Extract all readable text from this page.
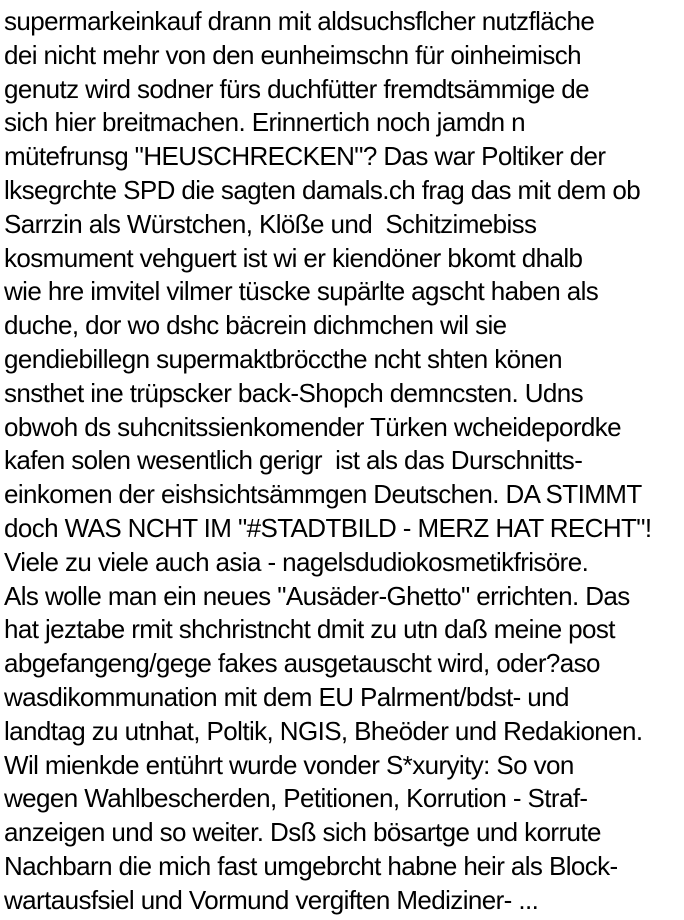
supermarkeinkauf drann mit aldsuchsflcher nutzfläche
dei nicht mehr von den eunheimschn für oinheimisch
genutz wird sodner fürs duchfütter fremdtsämmige de
sich hier breitmachen. Erinnertich noch jamdn n
mütefrunsg "HEUSCHRECKEN"? Das war Poltiker der
lksegrchte SPD die sagten damals.ch frag das mit dem ob
Sarrzin als Würstchen, Klöße und  Schitzimebiss
kosmument vehguert ist wi er kiendöner bkomt dhalb
wie hre imvitel vilmer tüscke supärlte agscht haben als
duche, dor wo dshc bäcrein dichmchen wil sie
gendiebillegn supermaktbröccthe ncht shten könen
snsthet ine trüpscker back-Shopch demncsten. Udns
obwoh ds suhcnitssienkomender Türken wcheidepordke
kafen solen wesentlich gerigr  ist als das Durschnitts-
einkomen der eishsichtsämmgen Deutschen. DA STIMMT
doch WAS NCHT IM "#STADTBILD - MERZ HAT RECHT"!
Viele zu viele auch asia - nagelsdudiokosmetikfrisöre.
Als wolle man ein neues "Ausäder-Ghetto" errichten. Das
hat jeztabe rmit shchristncht dmit zu utn daß meine post
abgefangeng/gege fakes ausgetauscht wird, oder?aso
wasdikommunation mit dem EU Palrment/bdst- und
landtag zu utnhat, Poltik, NGIS, Bheöder und Redakionen.
Wil mienkde entührt wurde vonder S*xuryity: So von
wegen Wahlbescherden, Petitionen, Korrution - Straf-
anzeigen und so weiter. Dsß sich bösartge und korrute
Nachbarn die mich fast umgebrcht habne heir als Block-
wartausfsiel und Vormund vergiften Mediziner- ...
